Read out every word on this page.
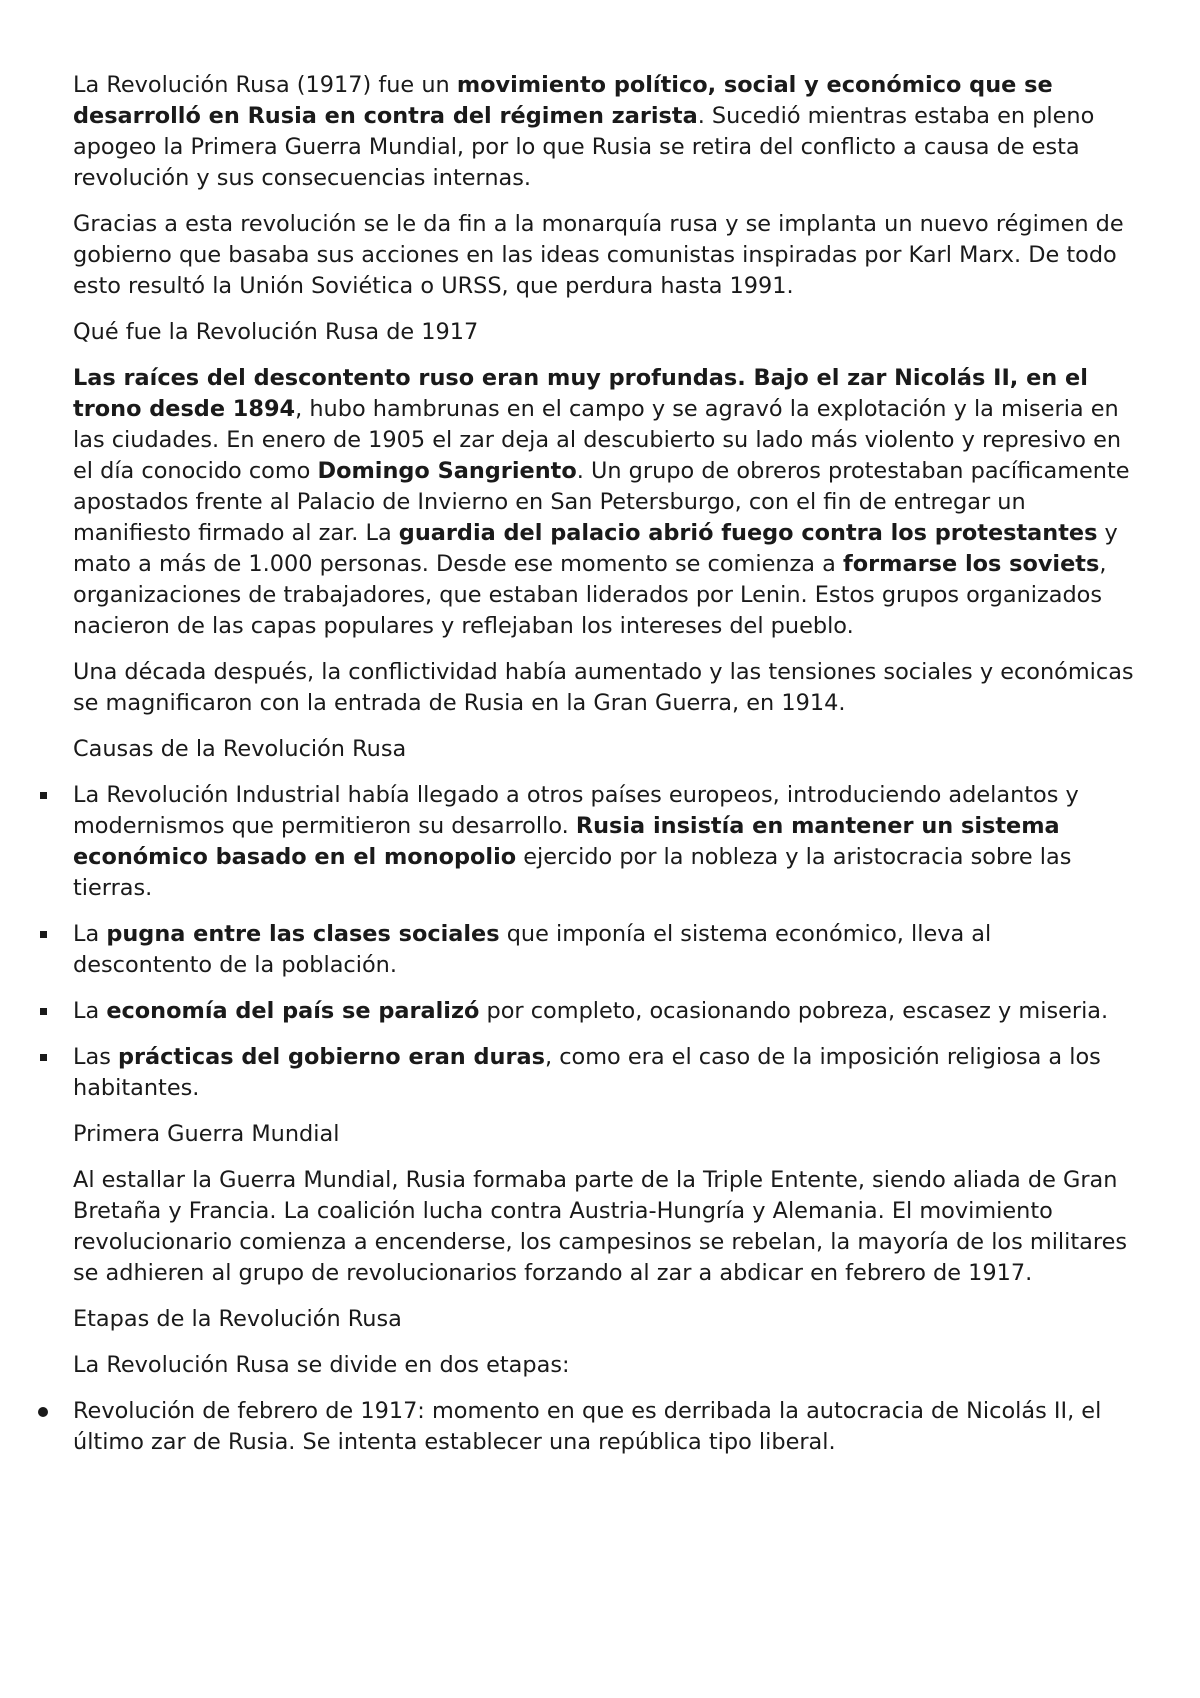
La Revolución Rusa (1917) fue un movimiento político, social y económico que se desarrolló en Rusia en contra del régimen zarista. Sucedió mientras estaba en pleno apogeo la Primera Guerra Mundial, por lo que Rusia se retira del conflicto a causa de esta revolución y sus consecuencias internas.

Gracias a esta revolución se le da fin a la monarquía rusa y se implanta un nuevo régimen de gobierno que basaba sus acciones en las ideas comunistas inspiradas por Karl Marx. De todo esto resultó la Unión Soviética o URSS, que perdura hasta 1991.

Qué fue la Revolución Rusa de 1917

Las raíces del descontento ruso eran muy profundas. Bajo el zar Nicolás II, en el trono desde 1894, hubo hambrunas en el campo y se agravó la explotación y la miseria en las ciudades. En enero de 1905 el zar deja al descubierto su lado más violento y represivo en el día conocido como Domingo Sangriento. Un grupo de obreros protestaban pacíficamente apostados frente al Palacio de Invierno en San Petersburgo, con el fin de entregar un manifiesto firmado al zar. La guardia del palacio abrió fuego contra los protestantes y mato a más de 1.000 personas. Desde ese momento se comienza a formarse los soviets, organizaciones de trabajadores, que estaban liderados por Lenin. Estos grupos organizados nacieron de las capas populares y reflejaban los intereses del pueblo.

Una década después, la conflictividad había aumentado y las tensiones sociales y económicas se magnificaron con la entrada de Rusia en la Gran Guerra, en 1914.

Causas de la Revolución Rusa

La Revolución Industrial había llegado a otros países europeos, introduciendo adelantos y modernismos que permitieron su desarrollo. Rusia insistía en mantener un sistema económico basado en el monopolio ejercido por la nobleza y la aristocracia sobre las tierras.
La pugna entre las clases sociales que imponía el sistema económico, lleva al descontento de la población.
La economía del país se paralizó por completo, ocasionando pobreza, escasez y miseria.
Las prácticas del gobierno eran duras, como era el caso de la imposición religiosa a los habitantes.

Primera Guerra Mundial

Al estallar la Guerra Mundial, Rusia formaba parte de la Triple Entente, siendo aliada de Gran Bretaña y Francia. La coalición lucha contra Austria-Hungría y Alemania. El movimiento revolucionario comienza a encenderse, los campesinos se rebelan, la mayoría de los militares se adhieren al grupo de revolucionarios forzando al zar a abdicar en febrero de 1917.

Etapas de la Revolución Rusa

La Revolución Rusa se divide en dos etapas:

Revolución de febrero de 1917: momento en que es derribada la autocracia de Nicolás II, el último zar de Rusia. Se intenta establecer una república tipo liberal.
